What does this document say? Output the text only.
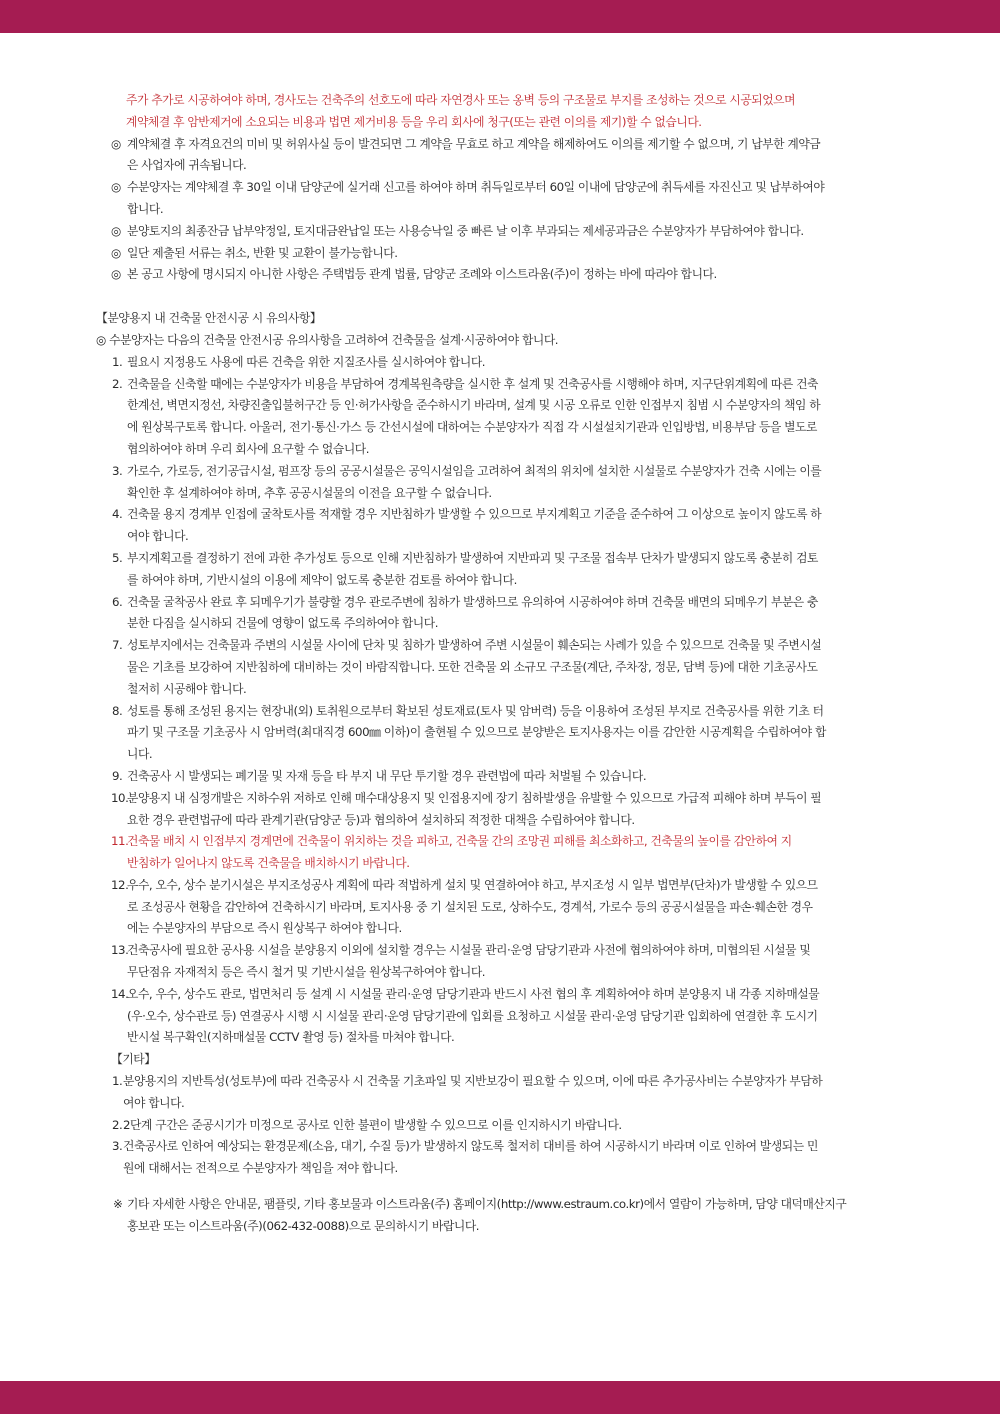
주가 추가로 시공하여야 하며, 경사도는 건축주의 선호도에 따라 자연경사 또는 옹벽 등의 구조물로 부지를 조성하는 것으로 시공되었으며
계약체결 후 암반제거에 소요되는 비용과 법면 제거비용 등을 우리 회사에 청구(또는 관련 이의를 제기)할 수 없습니다.
◎ 계약체결 후 자격요건의 미비 및 허위사실 등이 발견되면 그 계약을 무효로 하고 계약을 해제하여도 이의를 제기할 수 없으며, 기 납부한 계약금
은 사업자에 귀속됩니다.
◎ 수분양자는 계약체결 후 30일 이내 담양군에 실거래 신고를 하여야 하며 취득일로부터 60일 이내에 담양군에 취득세를 자진신고 및 납부하여야
합니다.
◎ 분양토지의 최종잔금 납부약정일, 토지대금완납일 또는 사용승낙일 중 빠른 날 이후 부과되는 제세공과금은 수분양자가 부담하여야 합니다.
◎ 일단 제출된 서류는 취소, 반환 및 교환이 불가능합니다.
◎ 본 공고 사항에 명시되지 아니한 사항은 주택법등 관계 법률, 담양군 조례와 이스트라움(주)이 정하는 바에 따라야 합니다.
【분양용지 내 건축물 안전시공 시 유의사항】
◎ 수분양자는 다음의 건축물 안전시공 유의사항을 고려하여 건축물을 설계·시공하여야 합니다.
1. 필요시 지정용도 사용에 따른 건축을 위한 지질조사를 실시하여야 합니다.
2. 건축물을 신축할 때에는 수분양자가 비용을 부담하여 경계복원측량을 실시한 후 설계 및 건축공사를 시행해야 하며, 지구단위계획에 따른 건축
한계선, 벽면지정선, 차량진출입불허구간 등 인·허가사항을 준수하시기 바라며, 설계 및 시공 오류로 인한 인접부지 침범 시 수분양자의 책임 하
에 원상복구토록 합니다. 아울러, 전기·통신·가스 등 간선시설에 대하여는 수분양자가 직접 각 시설설치기관과 인입방법, 비용부담 등을 별도로
협의하여야 하며 우리 회사에 요구할 수 없습니다.
3. 가로수, 가로등, 전기공급시설, 펌프장 등의 공공시설물은 공익시설임을 고려하여 최적의 위치에 설치한 시설물로 수분양자가 건축 시에는 이를
확인한 후 설계하여야 하며, 추후 공공시설물의 이전을 요구할 수 없습니다.
4. 건축물 용지 경계부 인접에 굴착토사를 적재할 경우 지반침하가 발생할 수 있으므로 부지계획고 기준을 준수하여 그 이상으로 높이지 않도록 하
여야 합니다.
5. 부지계획고를 결정하기 전에 과한 추가성토 등으로 인해 지반침하가 발생하여 지반파괴 및 구조물 접속부 단차가 발생되지 않도록 충분히 검토
를 하여야 하며, 기반시설의 이용에 제약이 없도록 충분한 검토를 하여야 합니다.
6. 건축물 굴착공사 완료 후 되메우기가 불량할 경우 관로주변에 침하가 발생하므로 유의하여 시공하여야 하며 건축물 배면의 되메우기 부분은 충
분한 다짐을 실시하되 건물에 영향이 없도록 주의하여야 합니다.
7. 성토부지에서는 건축물과 주변의 시설물 사이에 단차 및 침하가 발생하여 주변 시설물이 훼손되는 사례가 있을 수 있으므로 건축물 및 주변시설
물은 기초를 보강하여 지반침하에 대비하는 것이 바람직합니다. 또한 건축물 외 소규모 구조물(계단, 주차장, 정문, 담벽 등)에 대한 기초공사도
철저히 시공해야 합니다.
8. 성토를 통해 조성된 용지는 현장내(외) 토취원으로부터 확보된 성토재료(토사 및 암버력) 등을 이용하여 조성된 부지로 건축공사를 위한 기초 터
파기 및 구조물 기초공사 시 암버력(최대직경 600㎜ 이하)이 출현될 수 있으므로 분양받은 토지사용자는 이를 감안한 시공계획을 수립하여야 합
니다.
9. 건축공사 시 발생되는 폐기물 및 자재 등을 타 부지 내 무단 투기할 경우 관련법에 따라 처벌될 수 있습니다.
10.
분양용지 내 심정개발은 지하수위 저하로 인해 매수대상용지 및 인접용지에 장기 침하발생을 유발할 수 있으므로 가급적 피해야 하며 부득이 필
요한 경우 관련법규에 따라 관계기관(담양군 등)과 협의하여 설치하되 적정한 대책을 수립하여야 합니다.
11.
건축물 배치 시 인접부지 경계면에 건축물이 위치하는 것을 피하고, 건축물 간의 조망권 피해를 최소화하고, 건축물의 높이를 감안하여 지
반침하가 일어나지 않도록 건축물을 배치하시기 바랍니다.
12.
우수, 오수, 상수 분기시설은 부지조성공사 계획에 따라 적법하게 설치 및 연결하여야 하고, 부지조성 시 일부 법면부(단차)가 발생할 수 있으므
로 조성공사 현황을 감안하여 건축하시기 바라며, 토지사용 중 기 설치된 도로, 상하수도, 경계석, 가로수 등의 공공시설물을 파손·훼손한 경우
에는 수분양자의 부담으로 즉시 원상복구 하여야 합니다.
13.
건축공사에 필요한 공사용 시설을 분양용지 이외에 설치할 경우는 시설물 관리·운영 담당기관과 사전에 협의하여야 하며, 미협의된 시설물 및
무단점유 자재적치 등은 즉시 철거 및 기반시설을 원상복구하여야 합니다.
14.
오수, 우수, 상수도 관로, 법면처리 등 설계 시 시설물 관리·운영 담당기관과 반드시 사전 협의 후 계획하여야 하며 분양용지 내 각종 지하매설물
(우·오수, 상수관로 등) 연결공사 시행 시 시설물 관리·운영 담당기관에 입회를 요청하고 시설물 관리·운영 담당기관 입회하에 연결한 후 도시기
반시설 복구확인(지하매설물 CCTV 촬영 등) 절차를 마쳐야 합니다.
【기타】
1. 분양용지의 지반특성(성토부)에 따라 건축공사 시 건축물 기초파일 및 지반보강이 필요할 수 있으며, 이에 따른 추가공사비는 수분양자가 부담하
여야 합니다.
2. 2단계 구간은 준공시기가 미정으로 공사로 인한 불편이 발생할 수 있으므로 이를 인지하시기 바랍니다.
3. 건축공사로 인하여 예상되는 환경문제(소음, 대기, 수질 등)가 발생하지 않도록 철저히 대비를 하여 시공하시기 바라며 이로 인하여 발생되는 민
원에 대해서는 전적으로 수분양자가 책임을 져야 합니다.
※ 기타 자세한 사항은 안내문, 팸플릿, 기타 홍보물과 이스트라움(주) 홈페이지(http://www.estraum.co.kr)에서 열람이 가능하며, 담양 대덕매산지구
홍보관 또는 이스트라움(주)(062-432-0088)으로 문의하시기 바랍니다.
